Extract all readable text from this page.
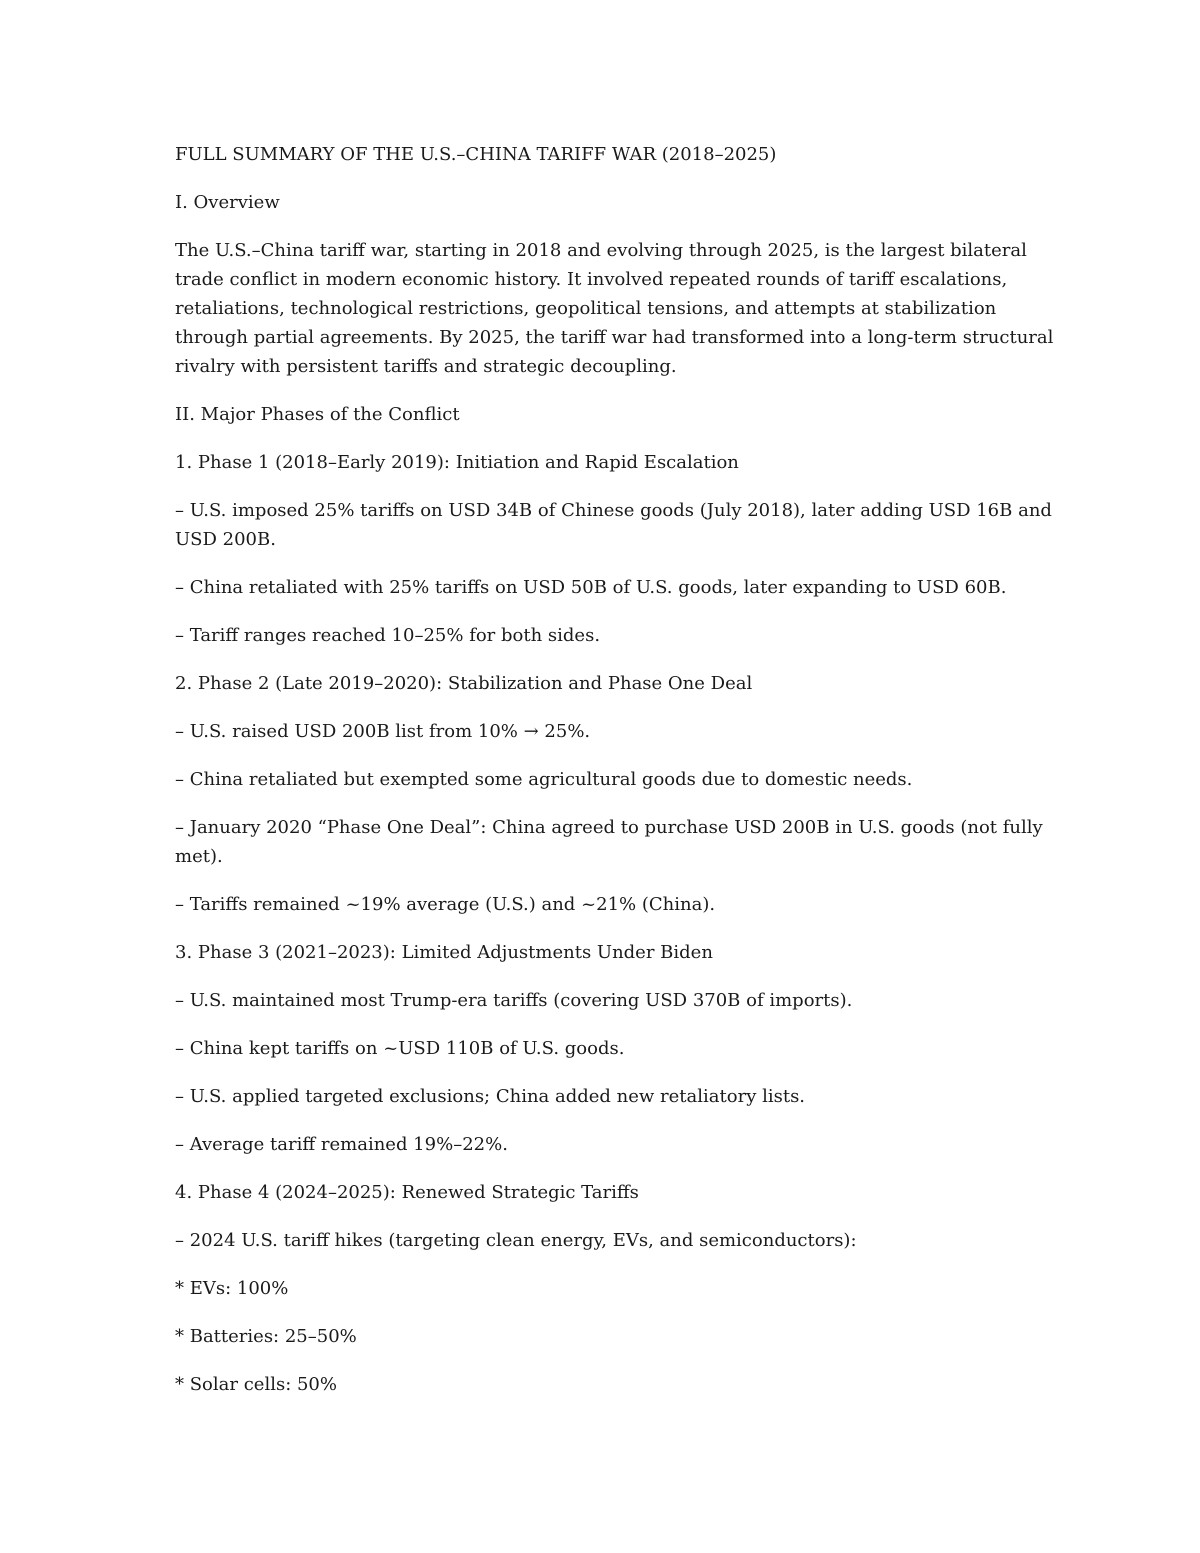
FULL SUMMARY OF THE U.S.–CHINA TARIFF WAR (2018–2025)

I. Overview

The U.S.–China tariff war, starting in 2018 and evolving through 2025, is the largest bilateral trade conflict in modern economic history. It involved repeated rounds of tariff escalations, retaliations, technological restrictions, geopolitical tensions, and attempts at stabilization through partial agreements. By 2025, the tariff war had transformed into a long-term structural rivalry with persistent tariffs and strategic decoupling.

II. Major Phases of the Conflict

1. Phase 1 (2018–Early 2019): Initiation and Rapid Escalation

– U.S. imposed 25% tariffs on USD 34B of Chinese goods (July 2018), later adding USD 16B and USD 200B.

– China retaliated with 25% tariffs on USD 50B of U.S. goods, later expanding to USD 60B.

– Tariff ranges reached 10–25% for both sides.

2. Phase 2 (Late 2019–2020): Stabilization and Phase One Deal

– U.S. raised USD 200B list from 10% → 25%.

– China retaliated but exempted some agricultural goods due to domestic needs.

– January 2020 “Phase One Deal”: China agreed to purchase USD 200B in U.S. goods (not fully met).

– Tariffs remained ~19% average (U.S.) and ~21% (China).

3. Phase 3 (2021–2023): Limited Adjustments Under Biden

– U.S. maintained most Trump-era tariffs (covering USD 370B of imports).

– China kept tariffs on ~USD 110B of U.S. goods.

– U.S. applied targeted exclusions; China added new retaliatory lists.

– Average tariff remained 19%–22%.

4. Phase 4 (2024–2025): Renewed Strategic Tariffs

– 2024 U.S. tariff hikes (targeting clean energy, EVs, and semiconductors):

* EVs: 100%

* Batteries: 25–50%

* Solar cells: 50%
